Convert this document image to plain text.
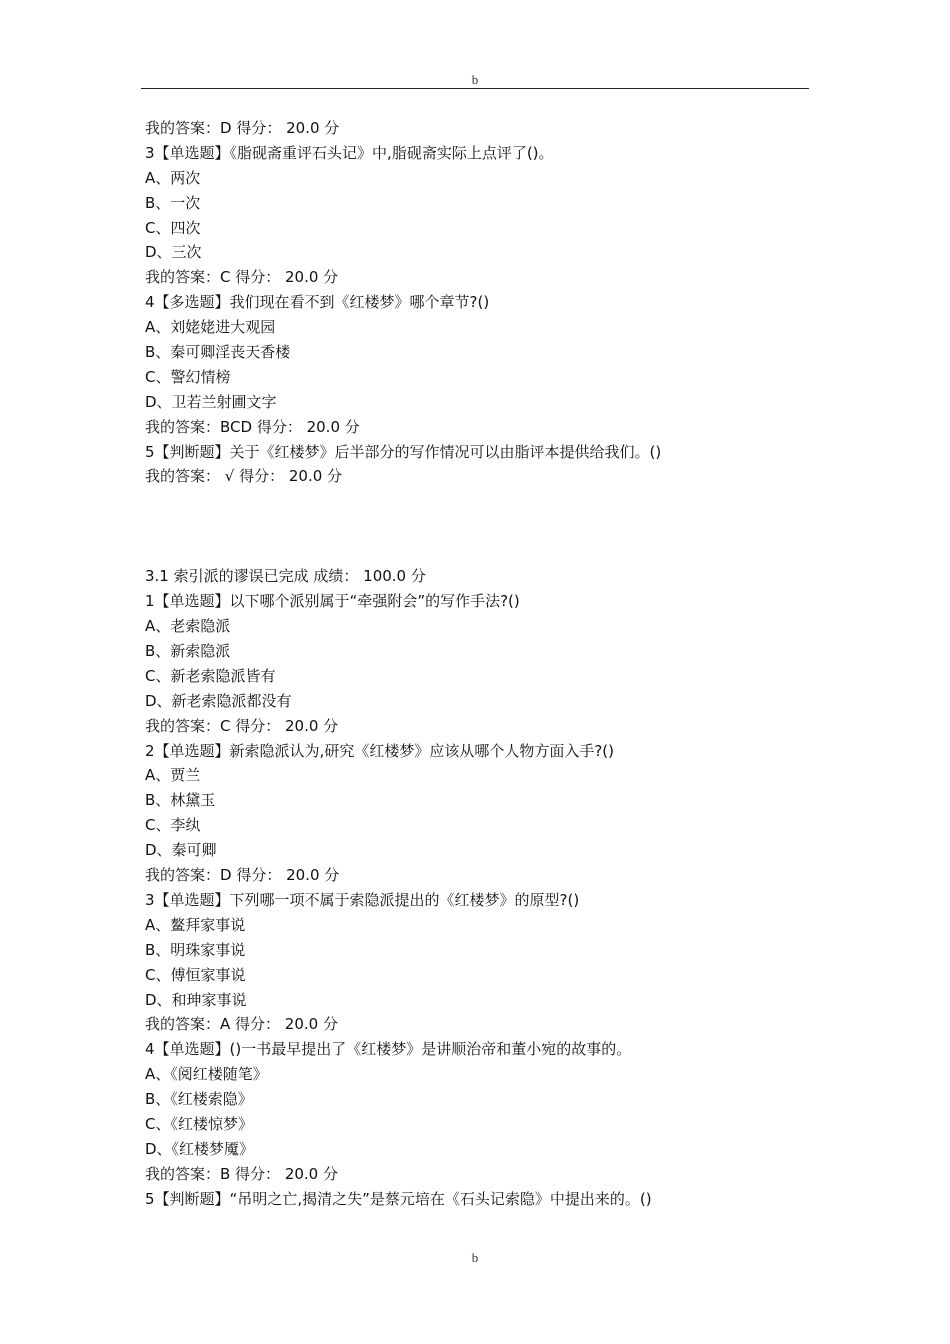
b
我的答案：D 得分： 20.0 分
3【单选题】《脂砚斋重评石头记》中,脂砚斋实际上点评了()。
A、两次
B、一次
C、四次
D、三次
我的答案：C 得分： 20.0 分
4【多选题】我们现在看不到《红楼梦》哪个章节?()
A、刘姥姥进大观园
B、秦可卿淫丧天香楼
C、警幻情榜
D、卫若兰射圃文字
我的答案：BCD 得分： 20.0 分
5【判断题】关于《红楼梦》后半部分的写作情况可以由脂评本提供给我们。()
我的答案： √ 得分： 20.0 分
3.1 索引派的谬误已完成 成绩： 100.0 分
1【单选题】以下哪个派别属于“牵强附会”的写作手法?()
A、老索隐派
B、新索隐派
C、新老索隐派皆有
D、新老索隐派都没有
我的答案：C 得分： 20.0 分
2【单选题】新索隐派认为,研究《红楼梦》应该从哪个人物方面入手?()
A、贾兰
B、林黛玉
C、李纨
D、秦可卿
我的答案：D 得分： 20.0 分
3【单选题】下列哪一项不属于索隐派提出的《红楼梦》的原型?()
A、鳌拜家事说
B、明珠家事说
C、傅恒家事说
D、和珅家事说
我的答案：A 得分： 20.0 分
4【单选题】()一书最早提出了《红楼梦》是讲顺治帝和董小宛的故事的。
A、《阅红楼随笔》
B、《红楼索隐》
C、《红楼惊梦》
D、《红楼梦魇》
我的答案：B 得分： 20.0 分
5【判断题】“吊明之亡,揭清之失”是蔡元培在《石头记索隐》中提出来的。()
b
